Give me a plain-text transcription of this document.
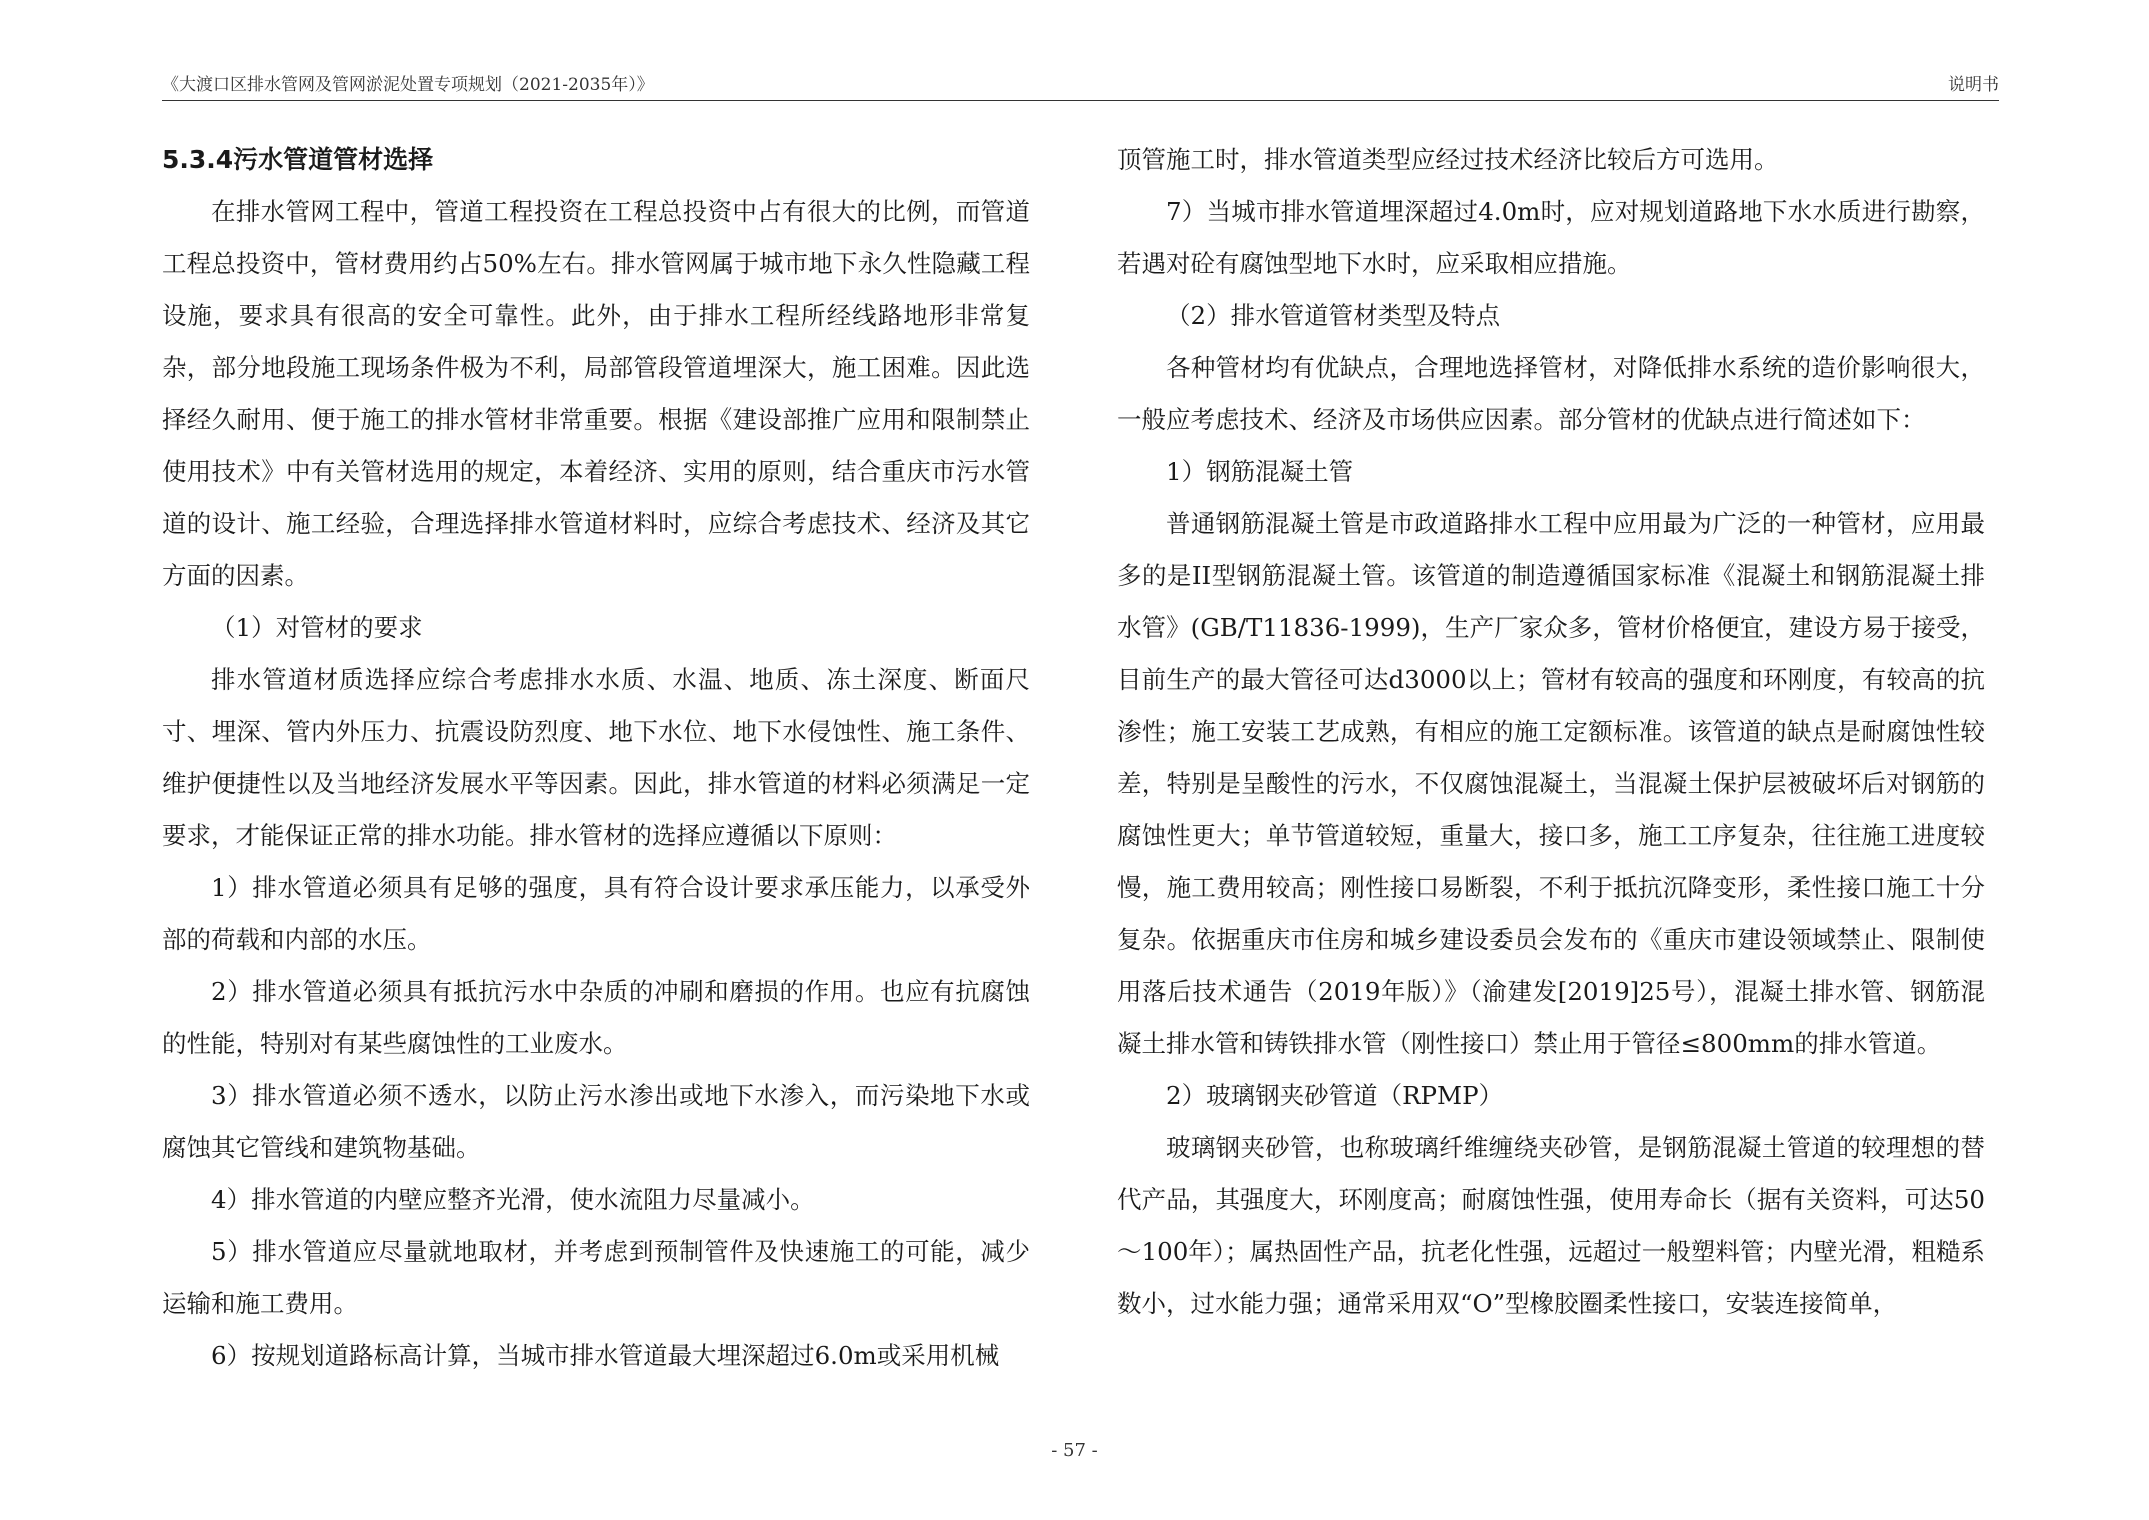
《大渡口区排水管网及管网淤泥处置专项规划（2021-2035年）》	说明书

5.3.4污水管道管材选择

在排水管网工程中，管道工程投资在工程总投资中占有很大的比例，而管道工程总投资中，管材费用约占50%左右。排水管网属于城市地下永久性隐藏工程设施，要求具有很高的安全可靠性。此外，由于排水工程所经线路地形非常复杂，部分地段施工现场条件极为不利，局部管段管道埋深大，施工困难。因此选择经久耐用、便于施工的排水管材非常重要。根据《建设部推广应用和限制禁止使用技术》中有关管材选用的规定，本着经济、实用的原则，结合重庆市污水管道的设计、施工经验，合理选择排水管道材料时，应综合考虑技术、经济及其它方面的因素。

（1）对管材的要求

排水管道材质选择应综合考虑排水水质、水温、地质、冻土深度、断面尺寸、埋深、管内外压力、抗震设防烈度、地下水位、地下水侵蚀性、施工条件、维护便捷性以及当地经济发展水平等因素。因此，排水管道的材料必须满足一定要求，才能保证正常的排水功能。排水管材的选择应遵循以下原则：

1）排水管道必须具有足够的强度，具有符合设计要求承压能力，以承受外部的荷载和内部的水压。

2）排水管道必须具有抵抗污水中杂质的冲刷和磨损的作用。也应有抗腐蚀的性能，特别对有某些腐蚀性的工业废水。

3）排水管道必须不透水，以防止污水渗出或地下水渗入，而污染地下水或腐蚀其它管线和建筑物基础。

4）排水管道的内壁应整齐光滑，使水流阻力尽量减小。

5）排水管道应尽量就地取材，并考虑到预制管件及快速施工的可能，减少运输和施工费用。

6）按规划道路标高计算，当城市排水管道最大埋深超过6.0m或采用机械

顶管施工时，排水管道类型应经过技术经济比较后方可选用。

7）当城市排水管道埋深超过4.0m时，应对规划道路地下水水质进行勘察，若遇对砼有腐蚀型地下水时，应采取相应措施。

（2）排水管道管材类型及特点

各种管材均有优缺点，合理地选择管材，对降低排水系统的造价影响很大，一般应考虑技术、经济及市场供应因素。部分管材的优缺点进行简述如下：

1）钢筋混凝土管

普通钢筋混凝土管是市政道路排水工程中应用最为广泛的一种管材，应用最多的是II型钢筋混凝土管。该管道的制造遵循国家标准《混凝土和钢筋混凝土排水管》(GB/T11836-1999)，生产厂家众多，管材价格便宜，建设方易于接受，目前生产的最大管径可达d3000以上；管材有较高的强度和环刚度，有较高的抗渗性；施工安装工艺成熟，有相应的施工定额标准。该管道的缺点是耐腐蚀性较差，特别是呈酸性的污水，不仅腐蚀混凝土，当混凝土保护层被破坏后对钢筋的腐蚀性更大；单节管道较短，重量大，接口多，施工工序复杂，往往施工进度较慢，施工费用较高；刚性接口易断裂，不利于抵抗沉降变形，柔性接口施工十分复杂。依据重庆市住房和城乡建设委员会发布的《重庆市建设领域禁止、限制使用落后技术通告（2019年版）》（渝建发[2019]25号），混凝土排水管、钢筋混凝土排水管和铸铁排水管（刚性接口）禁止用于管径≤800mm的排水管道。

2）玻璃钢夹砂管道（RPMP）

玻璃钢夹砂管，也称玻璃纤维缠绕夹砂管，是钢筋混凝土管道的较理想的替代产品，其强度大，环刚度高；耐腐蚀性强，使用寿命长（据有关资料，可达50～100年）；属热固性产品，抗老化性强，远超过一般塑料管；内壁光滑，粗糙系数小，过水能力强；通常采用双“O”型橡胶圈柔性接口，安装连接简单，

- 57 -
